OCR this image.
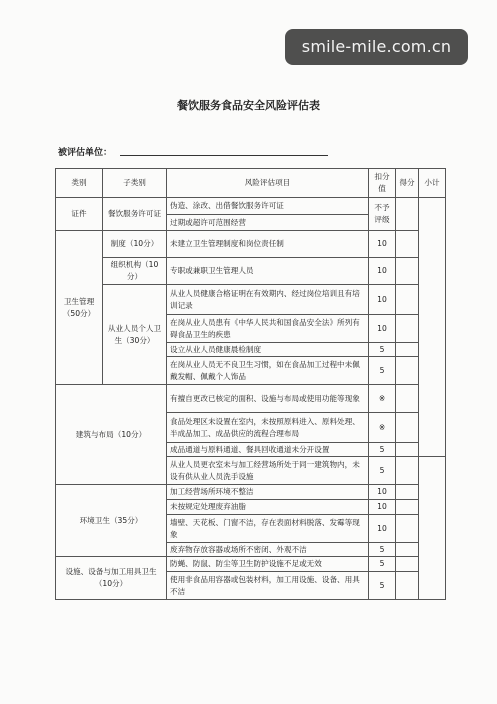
smile-mile.com.cn
餐饮服务食品安全风险评估表
被评估单位：
类别	子类别	风险评估项目	扣分值	得分	小计
证件	餐饮服务许可证	伪造、涂改、出借餐饮服务许可证	不予评级		
		过期或超许可范围经营			
卫生管理（50分）	制度（10分）	未建立卫生管理制度和岗位责任制	10		
	组织机构（10分）	专职或兼职卫生管理人员	10		
	从业人员个人卫生（30分）	从业人员健康合格证明在有效期内、经过岗位培训且有培训记录	10		
		在岗从业人员患有《中华人民共和国食品安全法》所列有碍食品卫生的疾患	10		
		设立从业人员健康晨检制度	5		
		在岗从业人员无不良卫生习惯，如在食品加工过程中未佩戴发帽、佩戴个人饰品	5		
建筑与布局（10分）		有擅自更改已核定的面积、设施与布局或使用功能等现象	※		
		食品处理区未设置在室内，未按照原料进入、原料处理、半成品加工、成品供应的流程合理布局	※		
		成品通道与原料通道、餐具回收通道未分开设置	5		
		从业人员更衣室未与加工经营场所处于同一建筑物内，未设有供从业人员洗手设施	5		
环境卫生（35分）		加工经营场所环境不整洁	10		
		未按规定处理废弃油脂	10		
		墙壁、天花板、门窗不洁，存在表面材料脱落、发霉等现象	10		
		废弃物存放容器或场所不密闭、外观不洁	5		
设施、设备与加工用具卫生（10分）		防蝇、防鼠、防尘等卫生防护设施不足或无效	5		
		使用非食品用容器或包装材料，加工用设施、设备、用具不洁	5		
